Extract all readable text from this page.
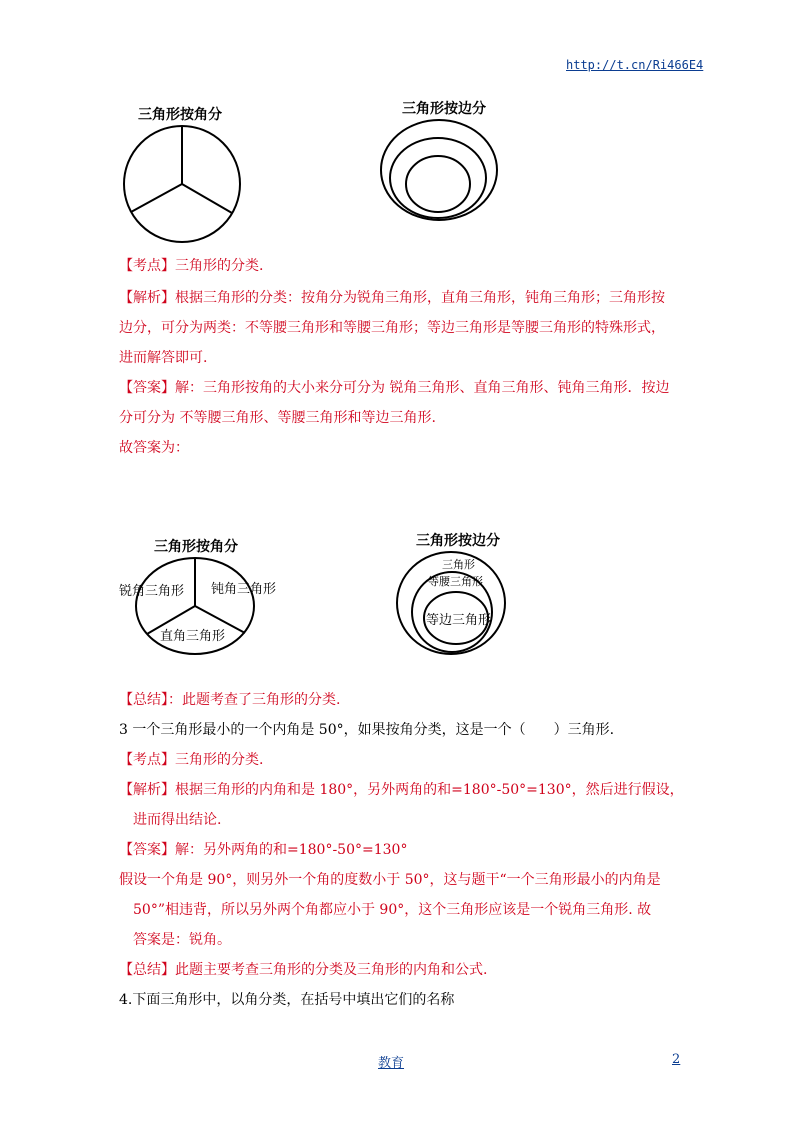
http://t.cn/Ri466E4
三角形按角分	三角形按边分
【考点】三角形的分类.
【解析】根据三角形的分类：按角分为锐角三角形，直角三角形，钝角三角形；三角形按
边分，可分为两类：不等腰三角形和等腰三角形；等边三角形是等腰三角形的特殊形式，
进而解答即可.
【答案】解：三角形按角的大小来分可分为 锐角三角形、直角三角形、钝角三角形．按边
分可分为 不等腰三角形、等腰三角形和等边三角形.
故答案为：
三角形按角分
锐角三角形 钝角三角形
直角三角形
三角形按边分
三角形
等腰三角形
等边三角形
【总结】：此题考查了三角形的分类.
3 一个三角形最小的一个内角是 50°，如果按角分类，这是一个（　　）三角形.
【考点】三角形的分类.
【解析】根据三角形的内角和是 180°，另外两角的和=180°-50°=130°，然后进行假设，
进而得出结论.
【答案】解：另外两角的和=180°-50°=130°
假设一个角是 90°，则另外一个角的度数小于 50°，这与题干“一个三角形最小的内角是
50°”相违背，所以另外两个角都应小于 90°，这个三角形应该是一个锐角三角形. 故
答案是：锐角。
【总结】此题主要考查三角形的分类及三角形的内角和公式.
4.下面三角形中，以角分类，在括号中填出它们的名称
教育	2
